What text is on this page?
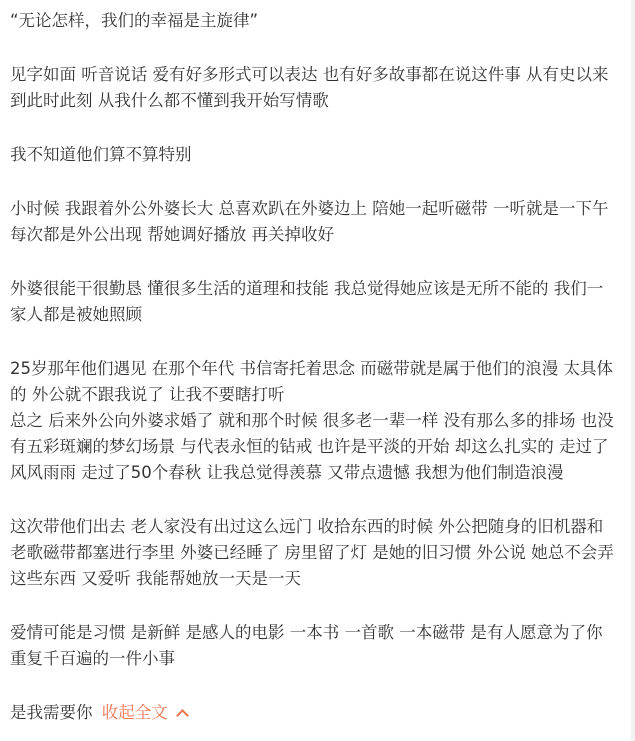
“无论怎样，我们的幸福是主旋律”

见字如面 听音说话 爱有好多形式可以表达 也有好多故事都在说这件事 从有史以来到此时此刻 从我什么都不懂到我开始写情歌

我不知道他们算不算特别

小时候 我跟着外公外婆长大 总喜欢趴在外婆边上 陪她一起听磁带 一听就是一下午 每次都是外公出现 帮她调好播放 再关掉收好

外婆很能干很勤恳 懂很多生活的道理和技能 我总觉得她应该是无所不能的 我们一家人都是被她照顾

25岁那年他们遇见 在那个年代 书信寄托着思念 而磁带就是属于他们的浪漫 太具体的 外公就不跟我说了 让我不要瞎打听

总之 后来外公向外婆求婚了 就和那个时候 很多老一辈一样 没有那么多的排场 也没有五彩斑斓的梦幻场景 与代表永恒的钻戒 也许是平淡的开始 却这么扎实的 走过了风风雨雨 走过了50个春秋 让我总觉得羡慕 又带点遗憾 我想为他们制造浪漫

这次带他们出去 老人家没有出过这么远门 收拾东西的时候 外公把随身的旧机器和老歌磁带都塞进行李里 外婆已经睡了 房里留了灯 是她的旧习惯 外公说 她总不会弄这些东西 又爱听 我能帮她放一天是一天

爱情可能是习惯 是新鲜 是感人的电影 一本书 一首歌 一本磁带 是有人愿意为了你重复千百遍的一件小事

是我需要你 收起全文
